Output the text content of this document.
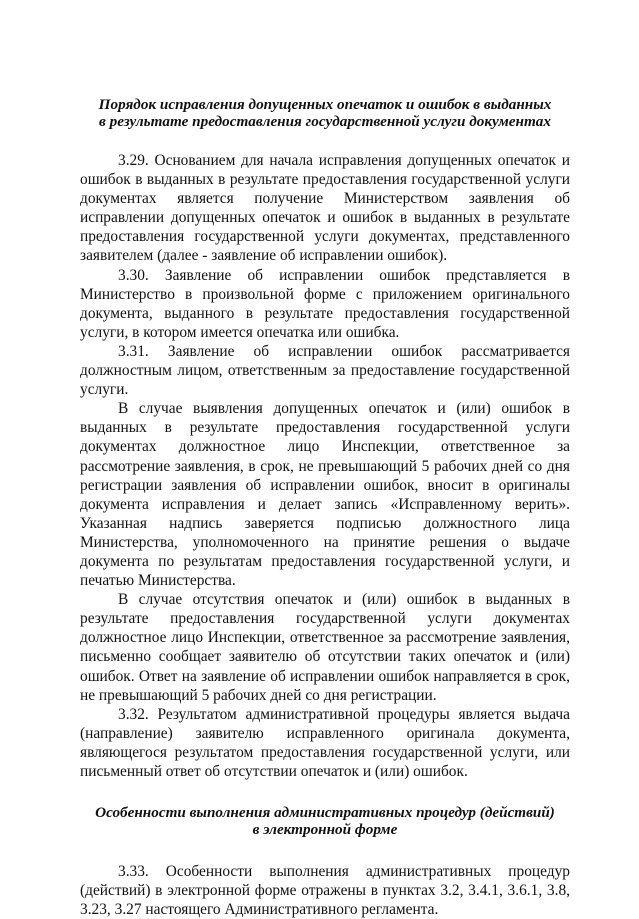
Порядок исправления допущенных опечаток и ошибок в выданных
в результате предоставления государственной услуги документах

3.29. Основанием для начала исправления допущенных опечаток и ошибок в выданных в результате предоставления государственной услуги документах является получение Министерством заявления об исправлении допущенных опечаток и ошибок в выданных в результате предоставления государственной услуги документах, представленного заявителем (далее - заявление об исправлении ошибок).

3.30. Заявление об исправлении ошибок представляется в Министерство в произвольной форме с приложением оригинального документа, выданного в результате предоставления государственной услуги, в котором имеется опечатка или ошибка.

3.31. Заявление об исправлении ошибок рассматривается должностным лицом, ответственным за предоставление государственной услуги.

В случае выявления допущенных опечаток и (или) ошибок в выданных в результате предоставления государственной услуги документах должностное лицо Инспекции, ответственное за рассмотрение заявления, в срок, не превышающий 5 рабочих дней со дня регистрации заявления об исправлении ошибок, вносит в оригиналы документа исправления и делает запись «Исправленному верить». Указанная надпись заверяется подписью должностного лица Министерства, уполномоченного на принятие решения о выдаче документа по результатам предоставления государственной услуги, и печатью Министерства.

В случае отсутствия опечаток и (или) ошибок в выданных в результате предоставления государственной услуги документах должностное лицо Инспекции, ответственное за рассмотрение заявления, письменно сообщает заявителю об отсутствии таких опечаток и (или) ошибок. Ответ на заявление об исправлении ошибок направляется в срок, не превышающий 5 рабочих дней со дня регистрации.

3.32. Результатом административной процедуры является выдача (направление) заявителю исправленного оригинала документа, являющегося результатом предоставления государственной услуги, или письменный ответ об отсутствии опечаток и (или) ошибок.

Особенности выполнения административных процедур (действий)
в электронной форме

3.33. Особенности выполнения административных процедур (действий) в электронной форме отражены в пунктах 3.2, 3.4.1, 3.6.1, 3.8, 3.23, 3.27 настоящего Административного регламента.
